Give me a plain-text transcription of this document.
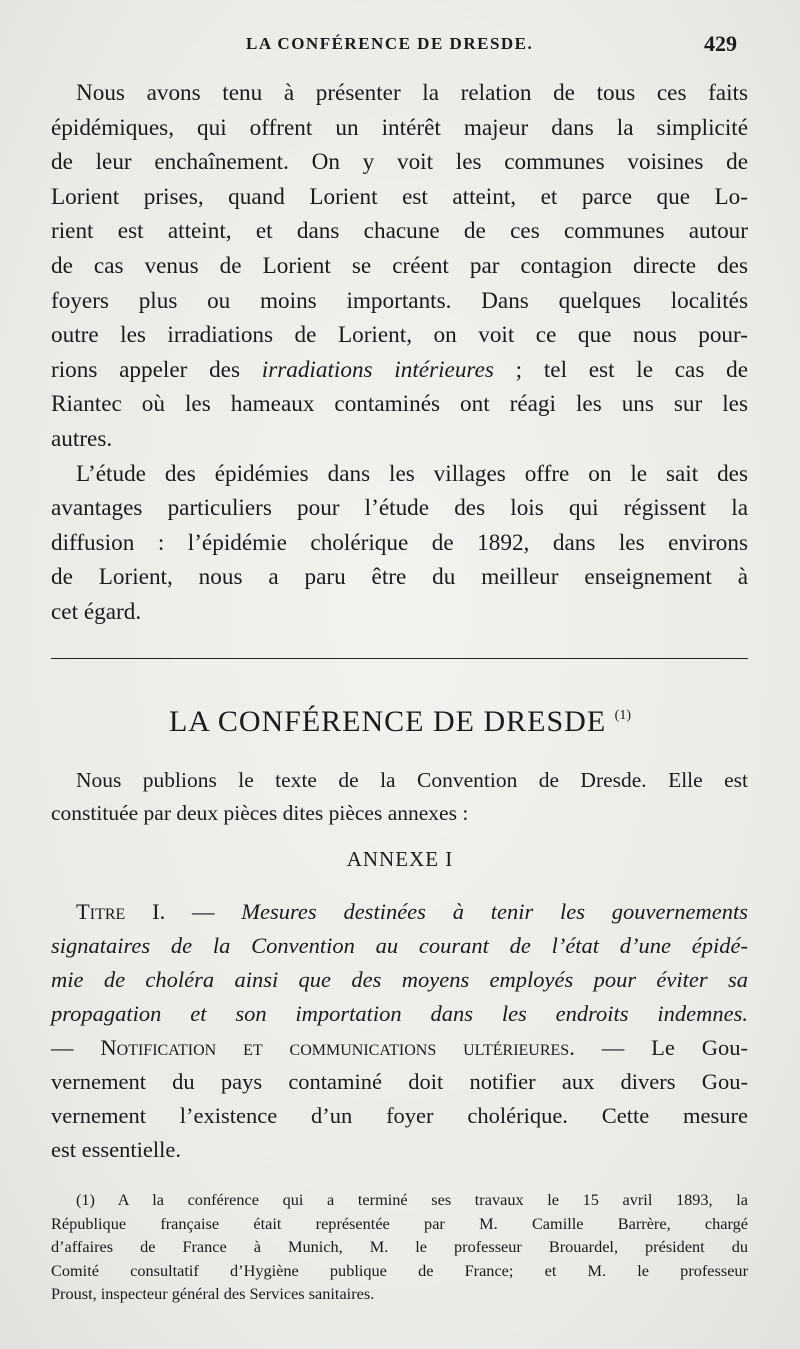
LA CONFÉRENCE DE DRESDE.	429
Nous avons tenu à présenter la relation de tous ces faits
épidémiques, qui offrent un intérêt majeur dans la simplicité
de leur enchaînement. On y voit les communes voisines de
Lorient prises, quand Lorient est atteint, et parce que Lo-
rient est atteint, et dans chacune de ces communes autour
de cas venus de Lorient se créent par contagion directe des
foyers plus ou moins importants. Dans quelques localités
outre les irradiations de Lorient, on voit ce que nous pour-
rions appeler des irradiations intérieures ; tel est le cas de
Riantec où les hameaux contaminés ont réagi les uns sur les
autres.
L’étude des épidémies dans les villages offre on le sait des
avantages particuliers pour l’étude des lois qui régissent la
diffusion : l’épidémie cholérique de 1892, dans les environs
de Lorient, nous a paru être du meilleur enseignement à
cet égard.
LA CONFÉRENCE DE DRESDE $^{(1)}$
Nous publions le texte de la Convention de Dresde. Elle est
constituée par deux pièces dites pièces annexes :
ANNEXE I
Titre I. — Mesures destinées à tenir les gouvernements
signataires de la Convention au courant de l’état d’une épidé-
mie de choléra ainsi que des moyens employés pour éviter sa
propagation et son importation dans les endroits indemnes.
— Notification et communications ultérieures. — Le Gou-
vernement du pays contaminé doit notifier aux divers Gou-
vernement l’existence d’un foyer cholérique. Cette mesure
est essentielle.
(1) A la conférence qui a terminé ses travaux le 15 avril 1893, la
République française était représentée par M. Camille Barrère, chargé
d’affaires de France à Munich, M. le professeur Brouardel, président du
Comité consultatif d’Hygiène publique de France; et M. le professeur
Proust, inspecteur général des Services sanitaires.
